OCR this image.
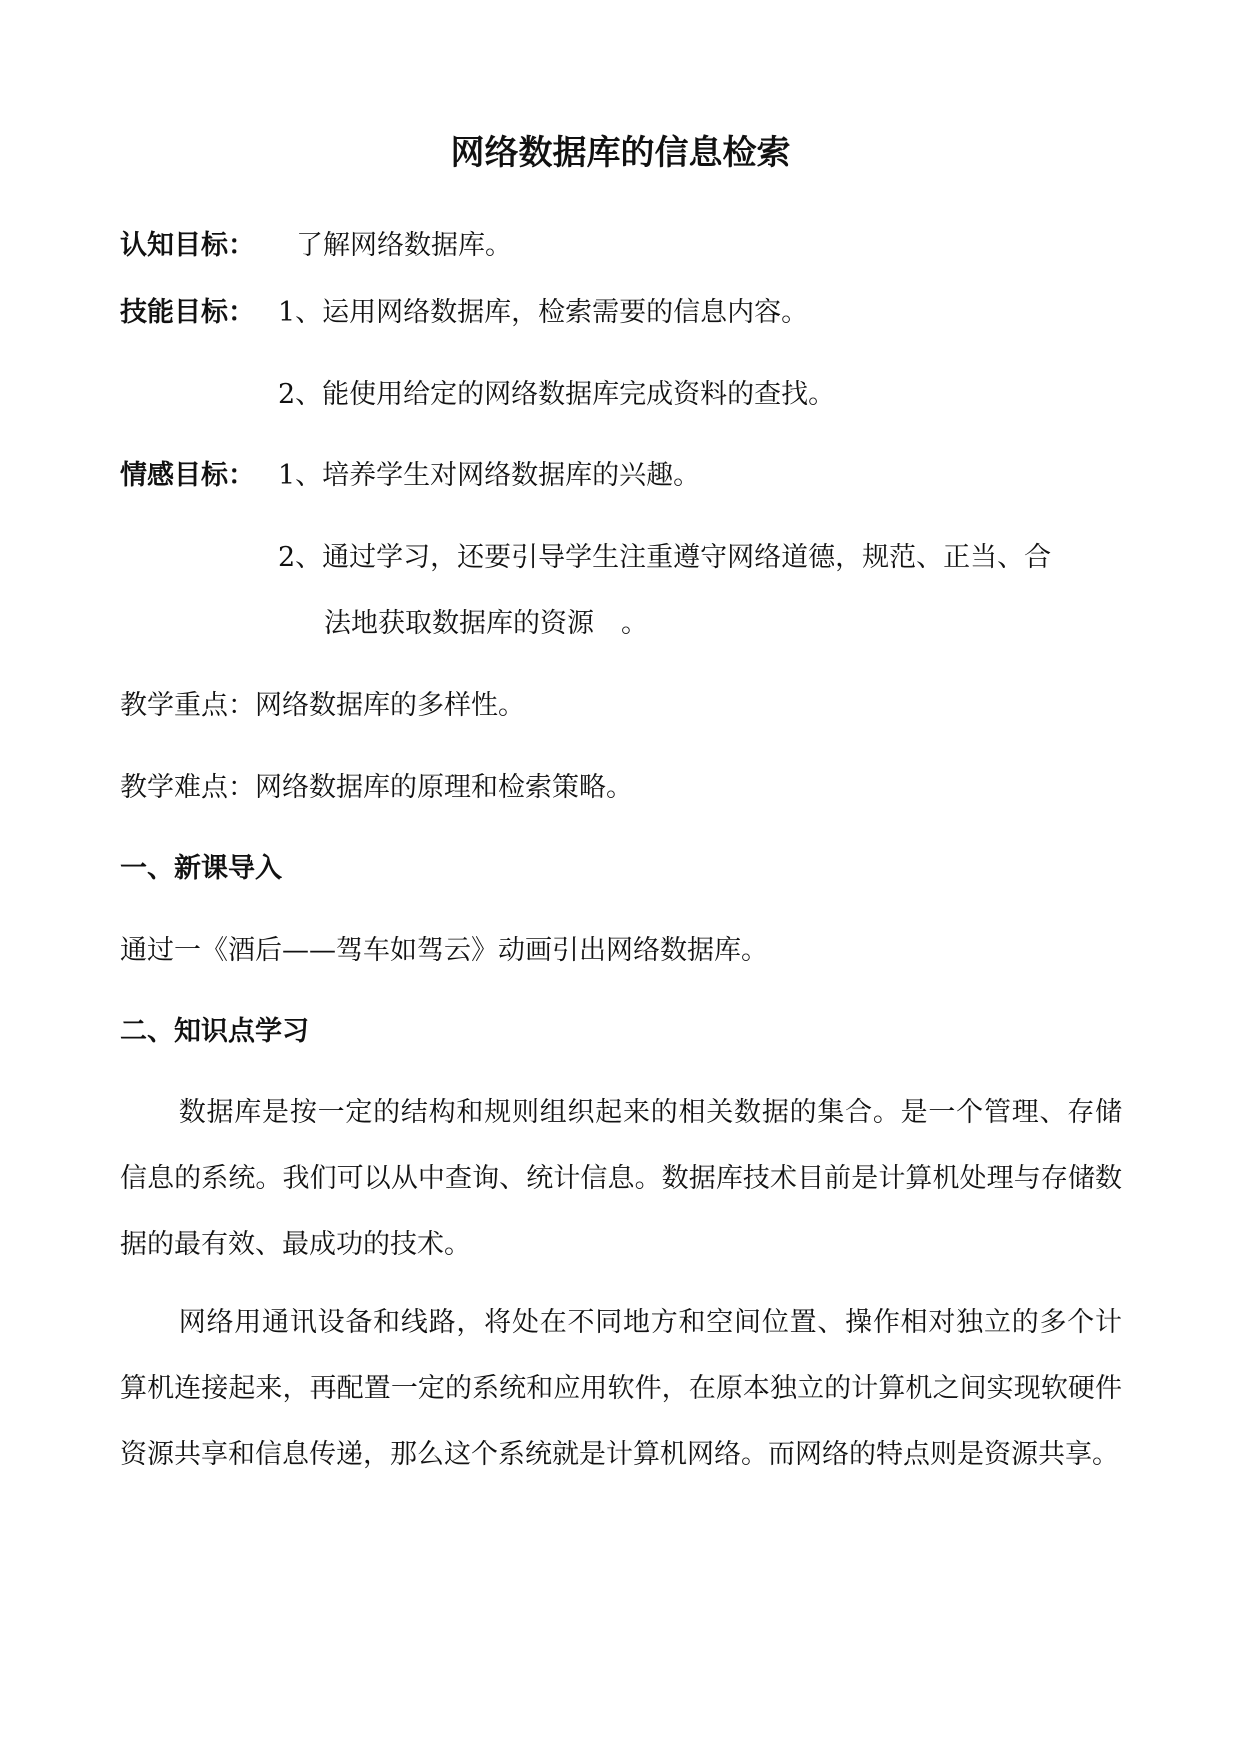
网络数据库的信息检索
认知目标： 了解网络数据库。
技能目标： 1、运用网络数据库，检索需要的信息内容。
2、能使用给定的网络数据库完成资料的查找。
情感目标： 1、培养学生对网络数据库的兴趣。
2、通过学习，还要引导学生注重遵守网络道德，规范、正当、合
法地获取数据库的资源　。
教学重点：网络数据库的多样性。
教学难点：网络数据库的原理和检索策略。
一、新课导入
通过一《酒后——驾车如驾云》动画引出网络数据库。
二、知识点学习
数据库是按一定的结构和规则组织起来的相关数据的集合。是一个管理、存储信息的系统。我们可以从中查询、统计信息。数据库技术目前是计算机处理与存储数据的最有效、最成功的技术。
网络用通讯设备和线路，将处在不同地方和空间位置、操作相对独立的多个计算机连接起来，再配置一定的系统和应用软件，在原本独立的计算机之间实现软硬件资源共享和信息传递，那么这个系统就是计算机网络。而网络的特点则是资源共享。
